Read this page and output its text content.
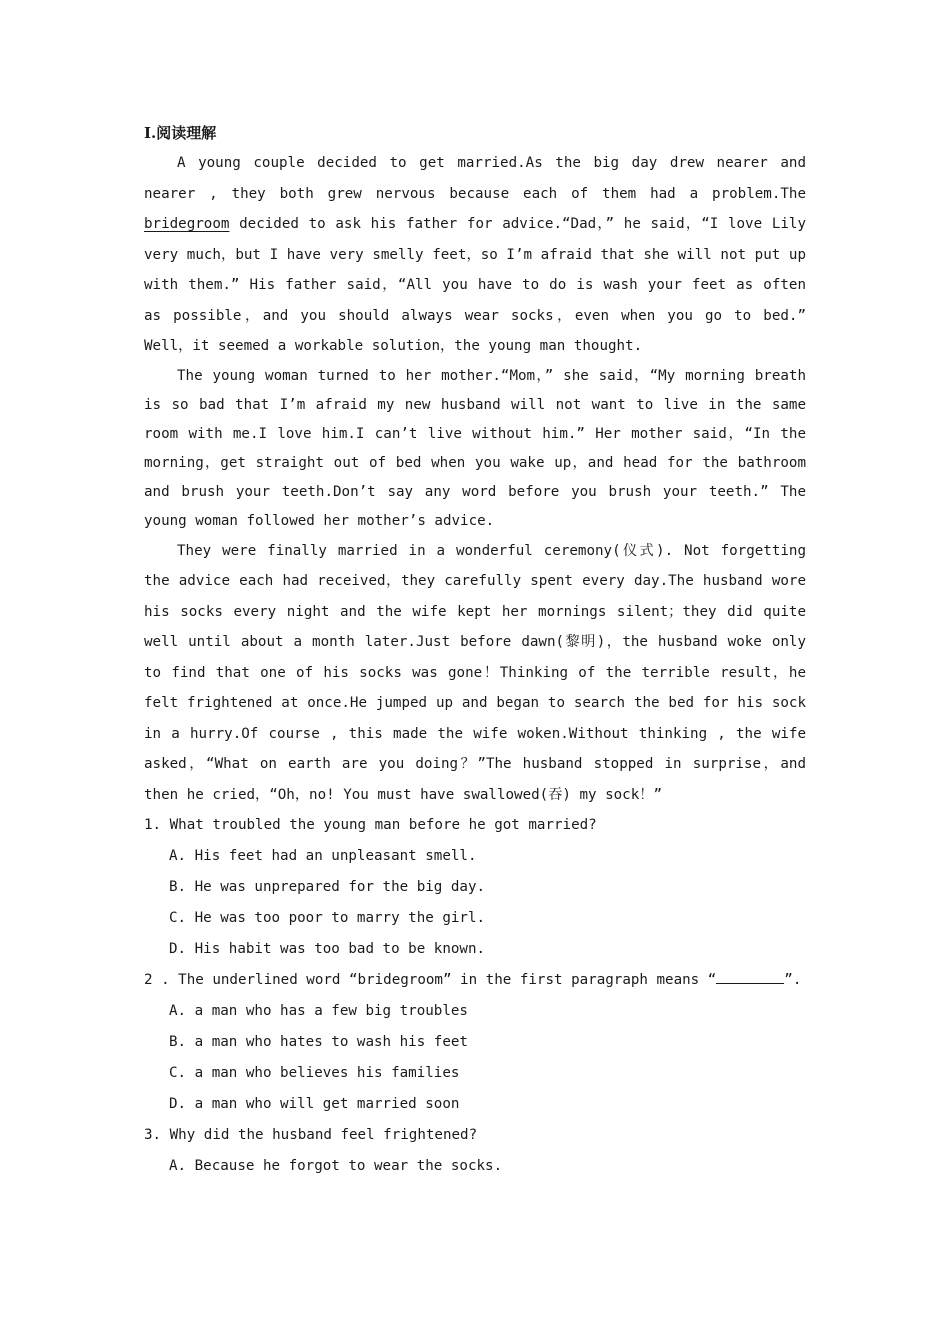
Ⅰ.阅读理解

A young couple decided to get married.As the big day drew nearer and nearer , they both grew nervous because each of them had a problem.The bridegroom decided to ask his father for advice.“Dad，” he said，“I love Lily very much，but I have very smelly feet，so I’m afraid that she will not put up with them.” His father said，“All you have to do is wash your feet as often as possible，and you should always wear socks，even when you go to bed.” Well，it seemed a workable solution，the young man thought.

The young woman turned to her mother.“Mom，” she said，“My morning breath is so bad that I’m afraid my new husband will not want to live in the same room with me.I love him.I can’t live without him.” Her mother said，“In the morning，get straight out of bed when you wake up，and head for the bathroom and brush your teeth.Don’t say any word before you brush your teeth.” The young woman followed her mother’s advice.

They were finally married in a wonderful ceremony(仪式). Not forgetting the advice each had received，they carefully spent every day.The husband wore his socks every night and the wife kept her mornings silent；they did quite well until about a month later.Just before dawn(黎明)，the husband woke only to find that one of his socks was gone！Thinking of the terrible result，he felt frightened at once.He jumped up and began to search the bed for his sock in a hurry.Of course , this made the wife woken.Without thinking , the wife asked，“What on earth are you doing？”The husband stopped in surprise，and then he cried，“Oh，no! You must have swallowed(吞) my sock！”

1. What troubled the young man before he got married?

A. His feet had an unpleasant smell.

B. He was unprepared for the big day.

C. He was too poor to marry the girl.

D. His habit was too bad to be known.

2 . The underlined word “bridegroom” in the first paragraph means “	”.

A. a man who has a few big troubles

B. a man who hates to wash his feet

C. a man who believes his families

D. a man who will get married soon

3. Why did the husband feel frightened?

A. Because he forgot to wear the socks.
